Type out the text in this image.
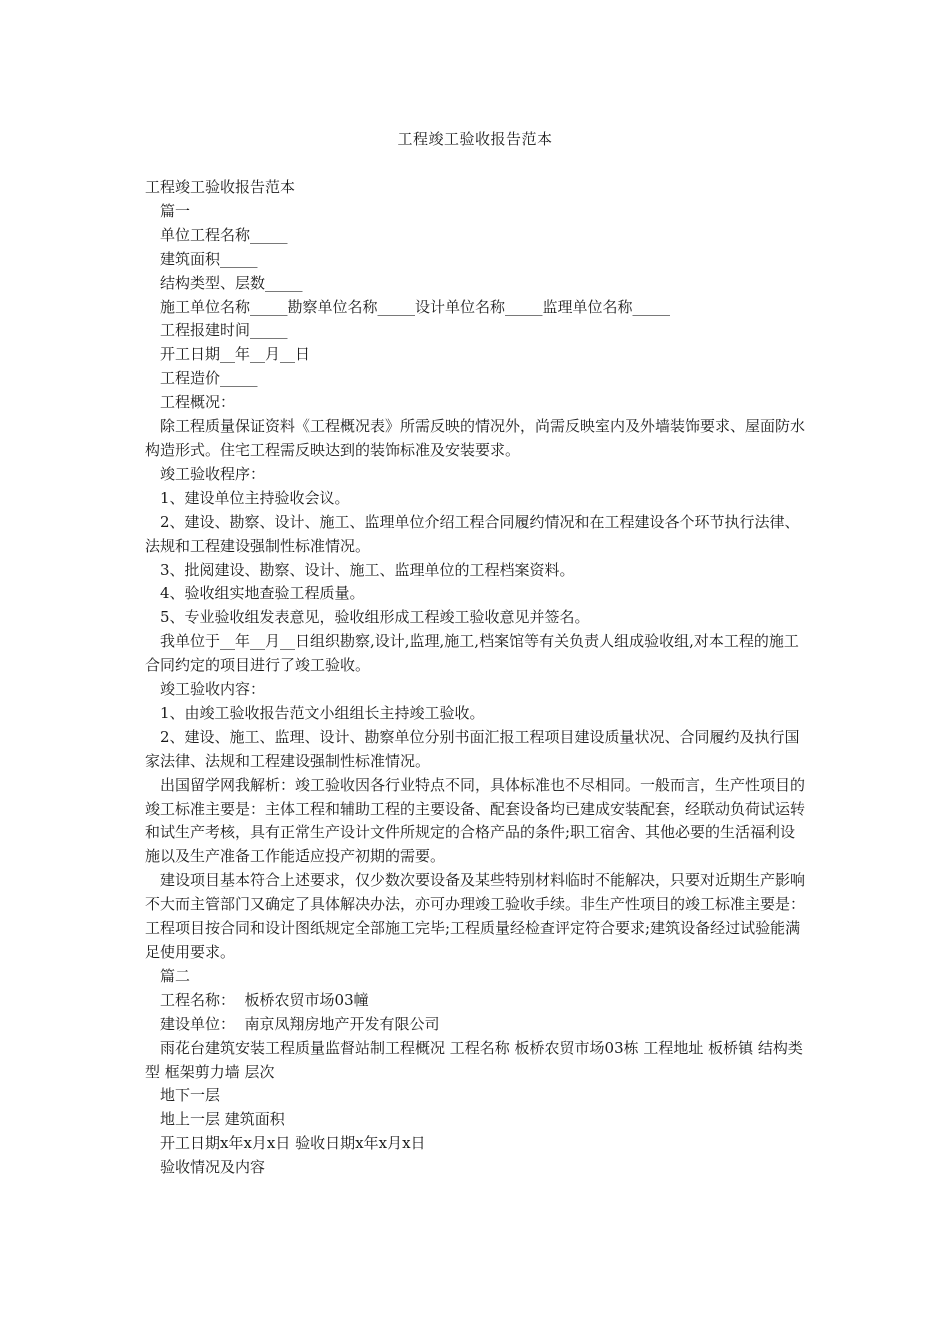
工程竣工验收报告范本

工程竣工验收报告范本

篇一

单位工程名称_____

建筑面积_____

结构类型、层数_____

施工单位名称_____勘察单位名称_____设计单位名称_____监理单位名称_____

工程报建时间_____

开工日期__年__月__日

工程造价_____

工程概况：

除工程质量保证资料《工程概况表》所需反映的情况外，尚需反映室内及外墙装饰要求、屋面防水构造形式。住宅工程需反映达到的装饰标准及安装要求。

竣工验收程序：

1、建设单位主持验收会议。

2、建设、勘察、设计、施工、监理单位介绍工程合同履约情况和在工程建设各个环节执行法律、法规和工程建设强制性标准情况。

3、批阅建设、勘察、设计、施工、监理单位的工程档案资料。

4、验收组实地查验工程质量。

5、专业验收组发表意见，验收组形成工程竣工验收意见并签名。

我单位于__年__月__日组织勘察,设计,监理,施工,档案馆等有关负责人组成验收组,对本工程的施工合同约定的项目进行了竣工验收。

竣工验收内容：

1、由竣工验收报告范文小组组长主持竣工验收。

2、建设、施工、监理、设计、勘察单位分别书面汇报工程项目建设质量状况、合同履约及执行国家法律、法规和工程建设强制性标准情况。

出国留学网我解析：竣工验收因各行业特点不同，具体标准也不尽相同。一般而言，生产性项目的竣工标准主要是：主体工程和辅助工程的主要设备、配套设备均已建成安装配套，经联动负荷试运转和试生产考核，具有正常生产设计文件所规定的合格产品的条件;职工宿舍、其他必要的生活福利设施以及生产准备工作能适应投产初期的需要。

建设项目基本符合上述要求，仅少数次要设备及某些特别材料临时不能解决，只要对近期生产影响不大而主管部门又确定了具体解决办法，亦可办理竣工验收手续。非生产性项目的竣工标准主要是：工程项目按合同和设计图纸规定全部施工完毕;工程质量经检查评定符合要求;建筑设备经过试验能满足使用要求。

篇二

工程名称：  板桥农贸市场03幢

建设单位：  南京凤翔房地产开发有限公司

雨花台建筑安装工程质量监督站制工程概况 工程名称 板桥农贸市场03栋 工程地址 板桥镇 结构类型 框架剪力墙 层次

地下一层

地上一层 建筑面积

开工日期x年x月x日 验收日期x年x月x日

验收情况及内容
